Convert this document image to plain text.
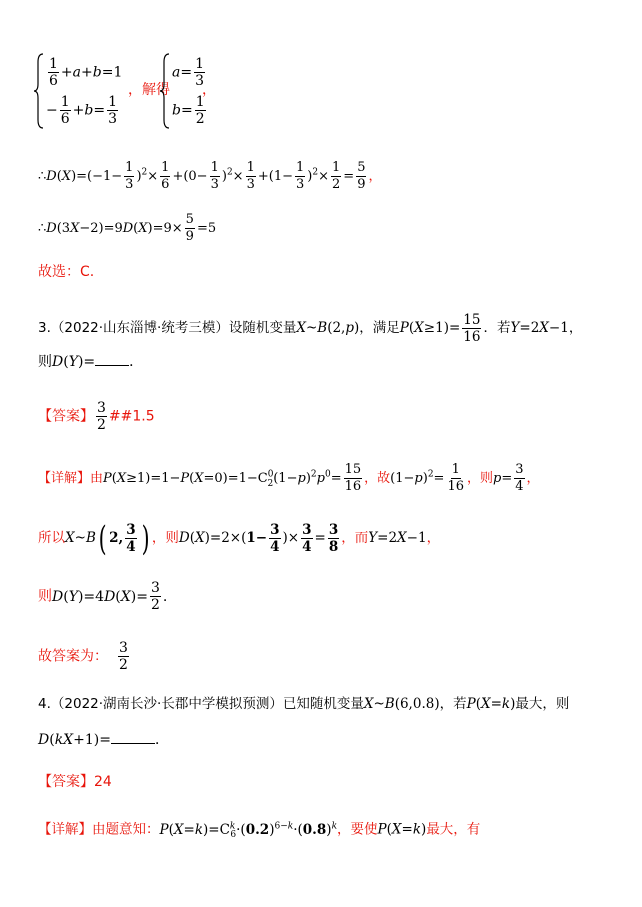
$\frac{1}{6} +a+b=1$
− $\frac{1}{6} +b= \frac{1}{3}$
，解得
$a= \frac{1}{3}$
$b= \frac{1}{2}$
，
∴D(X)=(−1− $\frac{1}{3} )^2\times \frac{1}{6} +(0- \frac{1}{3} )^2\times \frac{1}{3} +(1- \frac{1}{3} )^2\times \frac{1}{2} = \frac{5}{9}$ ，
∴D(3X−2)=9D(X)=9× $\frac{5}{9} =5$
故选：C.
3.（2022·山东淄博·统考三模）设随机变量X~B(2,p)，满足$P(X\ge 1)= \frac{15}{16}$ ．若Y=2X−1，
则D(Y)= ．
【答案】 $\frac{3}{2}$ ##1.5
【详解】由$P(X\ge 1)=1-P(X=0)=1-C^0_2(1-p)^2p^0= \frac{15}{16}$ ，故$(1-p)^2= \frac{1}{16}$ ，则$p= \frac{3}{4}$ ，
所以X~B( 2, $\frac{3}{4}$ ) ，则$D(X)=2\times(1- \frac{3}{4}$ )× $\frac{3}{4} = \frac{3}{8}$ ，而Y=2X−1，
则$D(Y)=4D(X)= \frac{3}{2}$ .
故答案为： $\frac{3}{2}$
4.（2022·湖南长沙·长郡中学模拟预测）已知随机变量X~B(6,0.8)，若P(X=k)最大，则
D(kX+1)=	．
【答案】24
【详解】由题意知：$P(X=k)=C^k_6\cdot(0.2)^{6-k}\cdot(0.8)^k$，要使P(X=k)最大，有
